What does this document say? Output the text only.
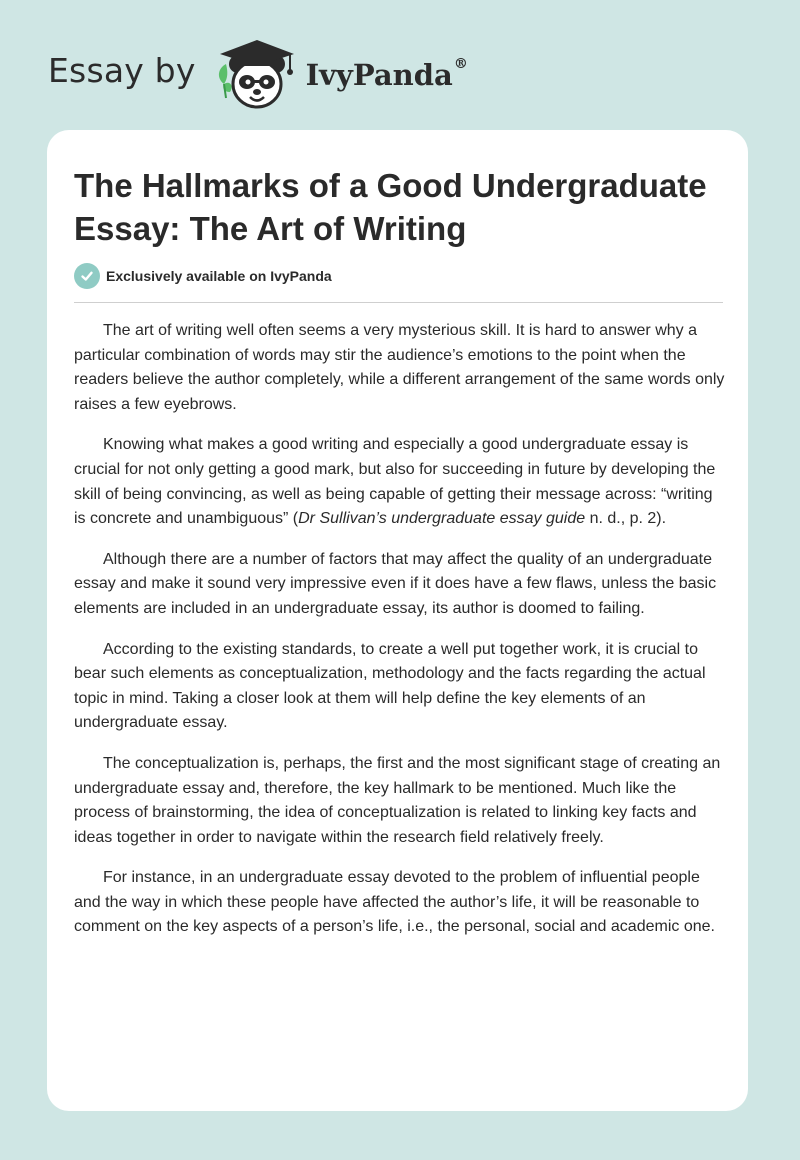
Essay by	IvyPanda®
The Hallmarks of a Good Undergraduate
Essay: The Art of Writing
Exclusively available on IvyPanda

The art of writing well often seems a very mysterious skill. It is hard to answer why a particular combination of words may stir the audience’s emotions to the point when the readers believe the author completely, while a different arrangement of the same words only raises a few eyebrows.

Knowing what makes a good writing and especially a good undergraduate essay is crucial for not only getting a good mark, but also for succeeding in future by developing the skill of being convincing, as well as being capable of getting their message across: “writing is concrete and unambiguous” (Dr Sullivan’s undergraduate essay guide n. d., p. 2).

Although there are a number of factors that may affect the quality of an undergraduate essay and make it sound very impressive even if it does have a few flaws, unless the basic elements are included in an undergraduate essay, its author is doomed to failing.

According to the existing standards, to create a well put together work, it is crucial to bear such elements as conceptualization, methodology and the facts regarding the actual topic in mind. Taking a closer look at them will help define the key elements of an undergraduate essay.

The conceptualization is, perhaps, the first and the most significant stage of creating an undergraduate essay and, therefore, the key hallmark to be mentioned. Much like the process of brainstorming, the idea of conceptualization is related to linking key facts and ideas together in order to navigate within the research field relatively freely.

For instance, in an undergraduate essay devoted to the problem of influential people and the way in which these people have affected the author’s life, it will be reasonable to comment on the key aspects of a person’s life, i.e., the personal, social and academic one.
